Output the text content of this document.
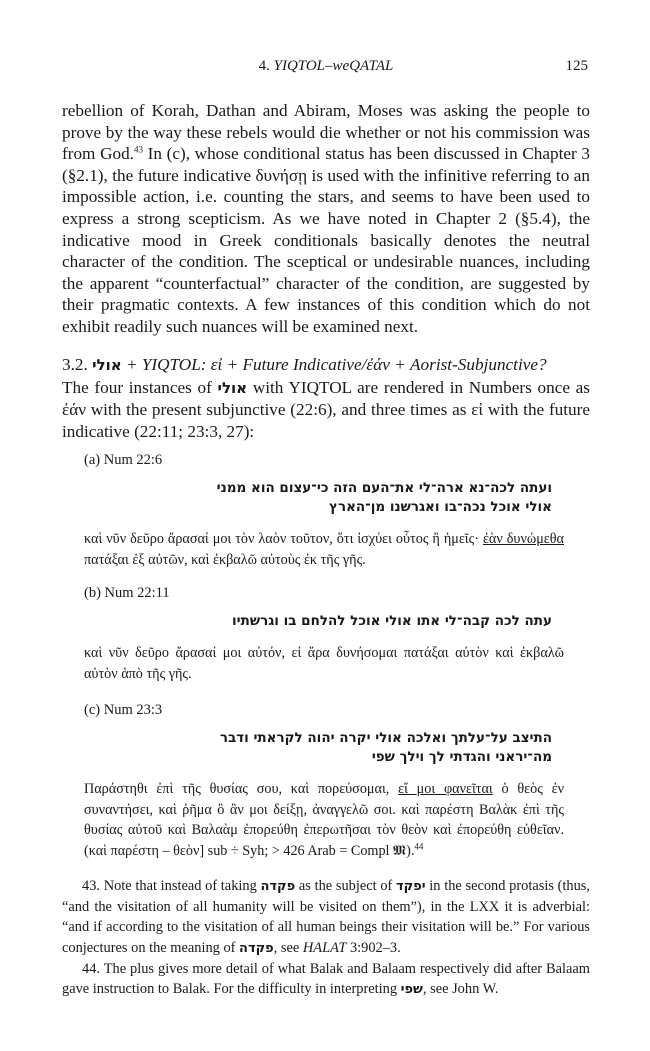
4. YIQTOL–weQATAL	125

rebellion of Korah, Dathan and Abiram, Moses was asking the people to prove by the way these rebels would die whether or not his commission was from God.$^{43}$ In (c), whose conditional status has been discussed in Chapter 3 (§2.1), the future indicative δυνήσῃ is used with the infinitive referring to an impossible action, i.e. counting the stars, and seems to have been used to express a strong scepticism. As we have noted in Chapter 2 (§5.4), the indicative mood in Greek conditionals basically denotes the neutral character of the condition. The sceptical or undesirable nuances, including the apparent “counterfactual” character of the condition, are suggested by their pragmatic contexts. A few instances of this condition which do not exhibit readily such nuances will be examined next.

3.2. אולי + YIQTOL: εἰ + Future Indicative/ἐάν + Aorist-Subjunctive?

The four instances of אולי with YIQTOL are rendered in Numbers once as ἐάν with the present subjunctive (22:6), and three times as εἰ with the future indicative (22:11; 23:3, 27):

(a) Num 22:6
ועתה לכה־נא ארה־לי את־העם הזה כי־עצום הוא ממני
אולי אוכל נכה־בו ואגרשנו מן־הארץ
καὶ νῦν δεῦρο ἄρασαί μοι τὸν λαὸν τοῦτον, ὅτι ἰσχύει οὗτος ἢ ἡμεῖς· ἐὰν δυνώμεθα πατάξαι ἐξ αὐτῶν, καὶ ἐκβαλῶ αὐτοὺς ἐκ τῆς γῆς.
(b) Num 22:11
עתה לכה קבה־לי אתו אולי אוכל להלחם בו וגרשתיו
καὶ νῦν δεῦρο ἄρασαί μοι αὐτόν, εἰ ἄρα δυνήσομαι πατάξαι αὐτὸν καὶ ἐκβαλῶ αὐτὸν ἀπὸ τῆς γῆς.
(c) Num 23:3
התיצב על־עלתך ואלכה אולי יקרה יהוה לקראתי ודבר
מה־יראני והגדתי לך וילך שפי
Παράστηθι ἐπὶ τῆς θυσίας σου, καὶ πορεύσομαι, εἴ μοι φανεῖται ὁ θεὸς ἐν συναντήσει, καὶ ῥῆμα ὃ ἂν μοι δείξῃ, ἀναγγελῶ σοι. καὶ παρέστη Βαλὰκ ἐπὶ τῆς θυσίας αὐτοῦ καὶ Βαλαὰμ ἐπορεύθη ἐπερωτῆσαι τὸν θεὸν καὶ ἐπορεύθη εὐθεῖαν. (καὶ παρέστη – θεὸν] sub ÷ Syh; > 426 Arab = Compl 𝕸).$^{44}$

43. Note that instead of taking פקדה as the subject of יפקד in the second protasis (thus, “and the visitation of all humanity will be visited on them”), in the LXX it is adverbial: “and if according to the visitation of all human beings their visitation will be.” For various conjectures on the meaning of פקדה, see HALAT 3:902–3.

44. The plus gives more detail of what Balak and Balaam respectively did after Balaam gave instruction to Balak. For the difficulty in interpreting שפי, see John W.
